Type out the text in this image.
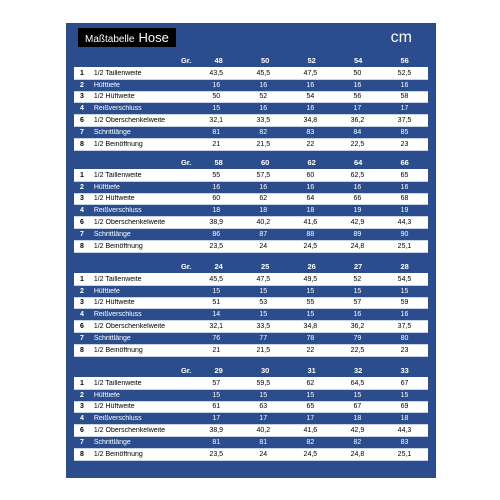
Maßtabelle Hose	cm
Gr.	48	50	52	54	56
1	1/2 Taillenweite	43,5	45,5	47,5	50	52,5
2	Hüfttiefe	16	16	16	16	16
3	1/2 Hüftweite	50	52	54	56	58
4	Reißverschluss	15	16	16	17	17
6	1/2 Oberschenkelweite	32,1	33,5	34,8	36,2	37,5
7	Schrittlänge	81	82	83	84	85
8	1/2 Beinöffnung	21	21,5	22	22,5	23
Gr.	58	60	62	64	66
1	1/2 Taillenweite	55	57,5	60	62,5	65
2	Hüfttiefe	16	16	16	16	16
3	1/2 Hüftweite	60	62	64	66	68
4	Reißverschluss	18	18	18	19	19
6	1/2 Oberschenkelweite	38,9	40,2	41,6	42,9	44,3
7	Schrittlänge	86	87	88	89	90
8	1/2 Beinöffnung	23,5	24	24,5	24,8	25,1
Gr.	24	25	26	27	28
1	1/2 Taillenweite	45,5	47,5	49,5	52	54,5
2	Hüfttiefe	15	15	15	15	15
3	1/2 Hüftweite	51	53	55	57	59
4	Reißverschluss	14	15	15	16	16
6	1/2 Oberschenkelweite	32,1	33,5	34,8	36,2	37,5
7	Schrittlänge	76	77	78	79	80
8	1/2 Beinöffnung	21	21,5	22	22,5	23
Gr.	29	30	31	32	33
1	1/2 Taillenweite	57	59,5	62	64,5	67
2	Hüfttiefe	15	15	15	15	15
3	1/2 Hüftweite	61	63	65	67	69
4	Reißverschluss	17	17	17	18	18
6	1/2 Oberschenkelweite	38,9	40,2	41,6	42,9	44,3
7	Schrittlänge	81	81	82	82	83
8	1/2 Beinöffnung	23,5	24	24,5	24,8	25,1
